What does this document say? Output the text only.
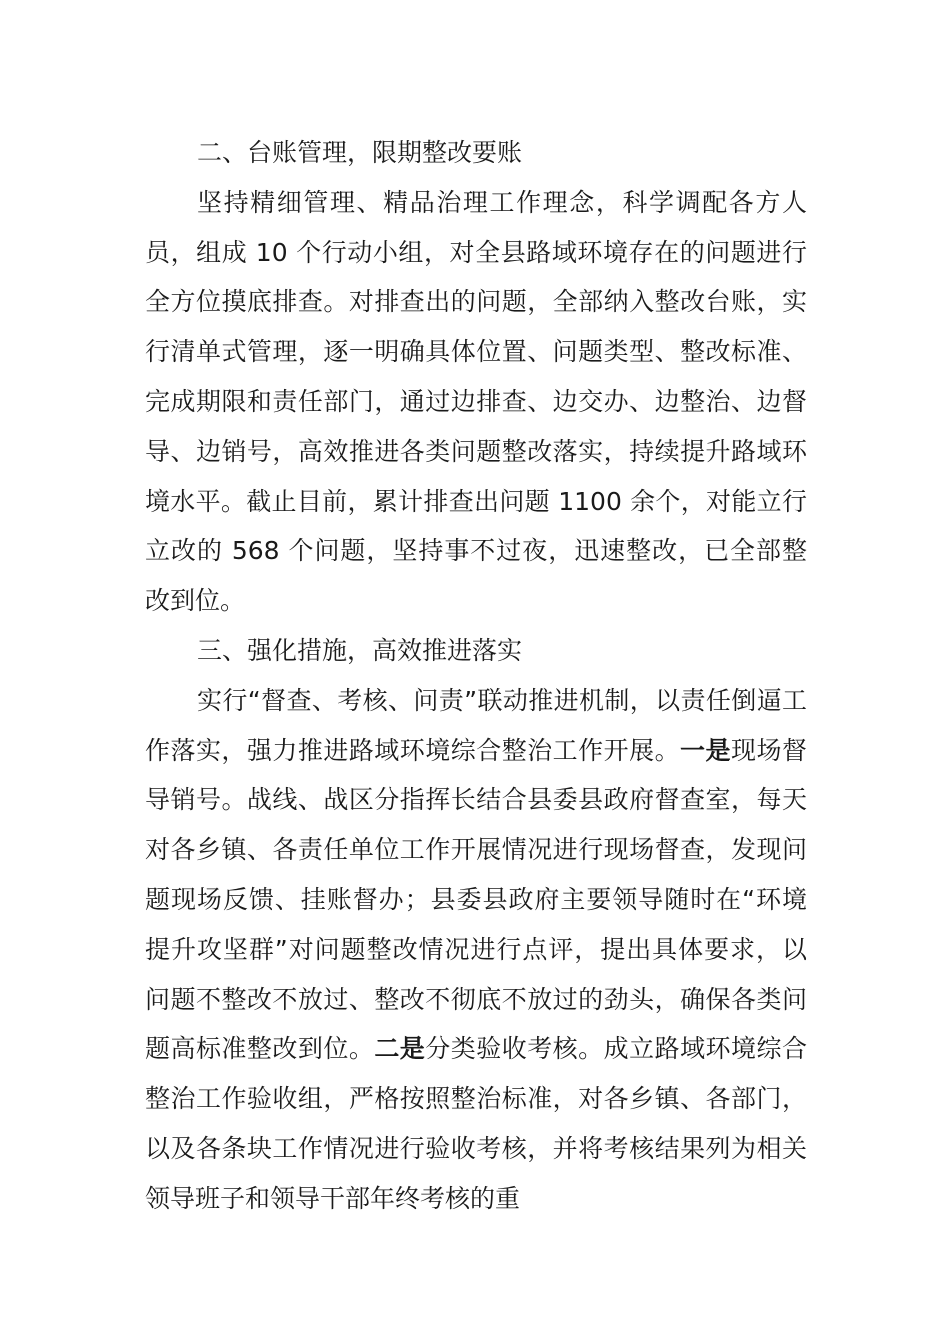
二、台账管理，限期整改要账

坚持精细管理、精品治理工作理念，科学调配各方人员，组成 10 个行动小组，对全县路域环境存在的问题进行全方位摸底排查。对排查出的问题，全部纳入整改台账，实行清单式管理，逐一明确具体位置、问题类型、整改标准、完成期限和责任部门，通过边排查、边交办、边整治、边督导、边销号，高效推进各类问题整改落实，持续提升路域环境水平。截止目前，累计排查出问题 1100 余个，对能立行立改的 568 个问题，坚持事不过夜，迅速整改，已全部整改到位。

三、强化措施，高效推进落实

实行“督查、考核、问责”联动推进机制，以责任倒逼工作落实，强力推进路域环境综合整治工作开展。一是现场督导销号。战线、战区分指挥长结合县委县政府督查室，每天对各乡镇、各责任单位工作开展情况进行现场督查，发现问题现场反馈、挂账督办；县委县政府主要领导随时在“环境提升攻坚群”对问题整改情况进行点评，提出具体要求，以问题不整改不放过、整改不彻底不放过的劲头，确保各类问题高标准整改到位。二是分类验收考核。成立路域环境综合整治工作验收组，严格按照整治标准，对各乡镇、各部门，以及各条块工作情况进行验收考核，并将考核结果列为相关领导班子和领导干部年终考核的重
